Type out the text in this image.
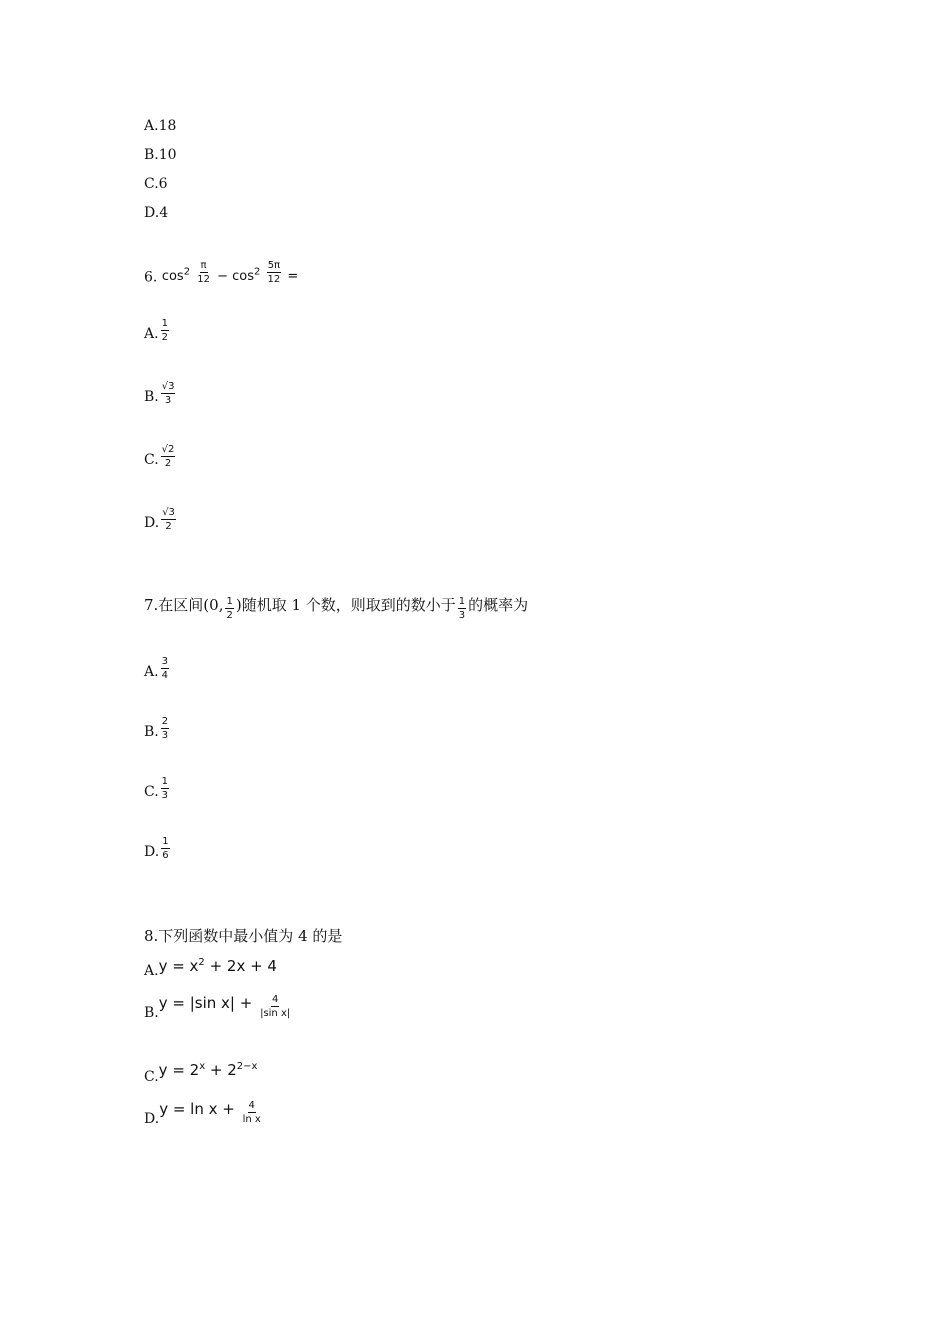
A.18
B.10
C.6
D.4
6. $\cos^2 \frac{\pi}{12} - \cos^2 \frac{5\pi}{12}$ =
A. $\frac{1}{2}$
B. $\frac{√3}{3}$
C. $\frac{√2}{2}$
D. $\frac{√3}{2}$
7.在区间(0, $\frac{1}{2}$ )随机取 1 个数，则取到的数小于 $\frac{1}{3}$ 的概率为
A. $\frac{3}{4}$
B. $\frac{2}{3}$
C. $\frac{1}{3}$
D. $\frac{1}{6}$
8.下列函数中最小值为 4 的是
$A.y = x^2 + 2x + 4$
B.y = |sin $x| + \frac{4}{\text{|sin x|}}$
$C.y = 2^x + 2^{2-x}$
$D.y = \ln x + \frac{4}{\text{ln x}}$
